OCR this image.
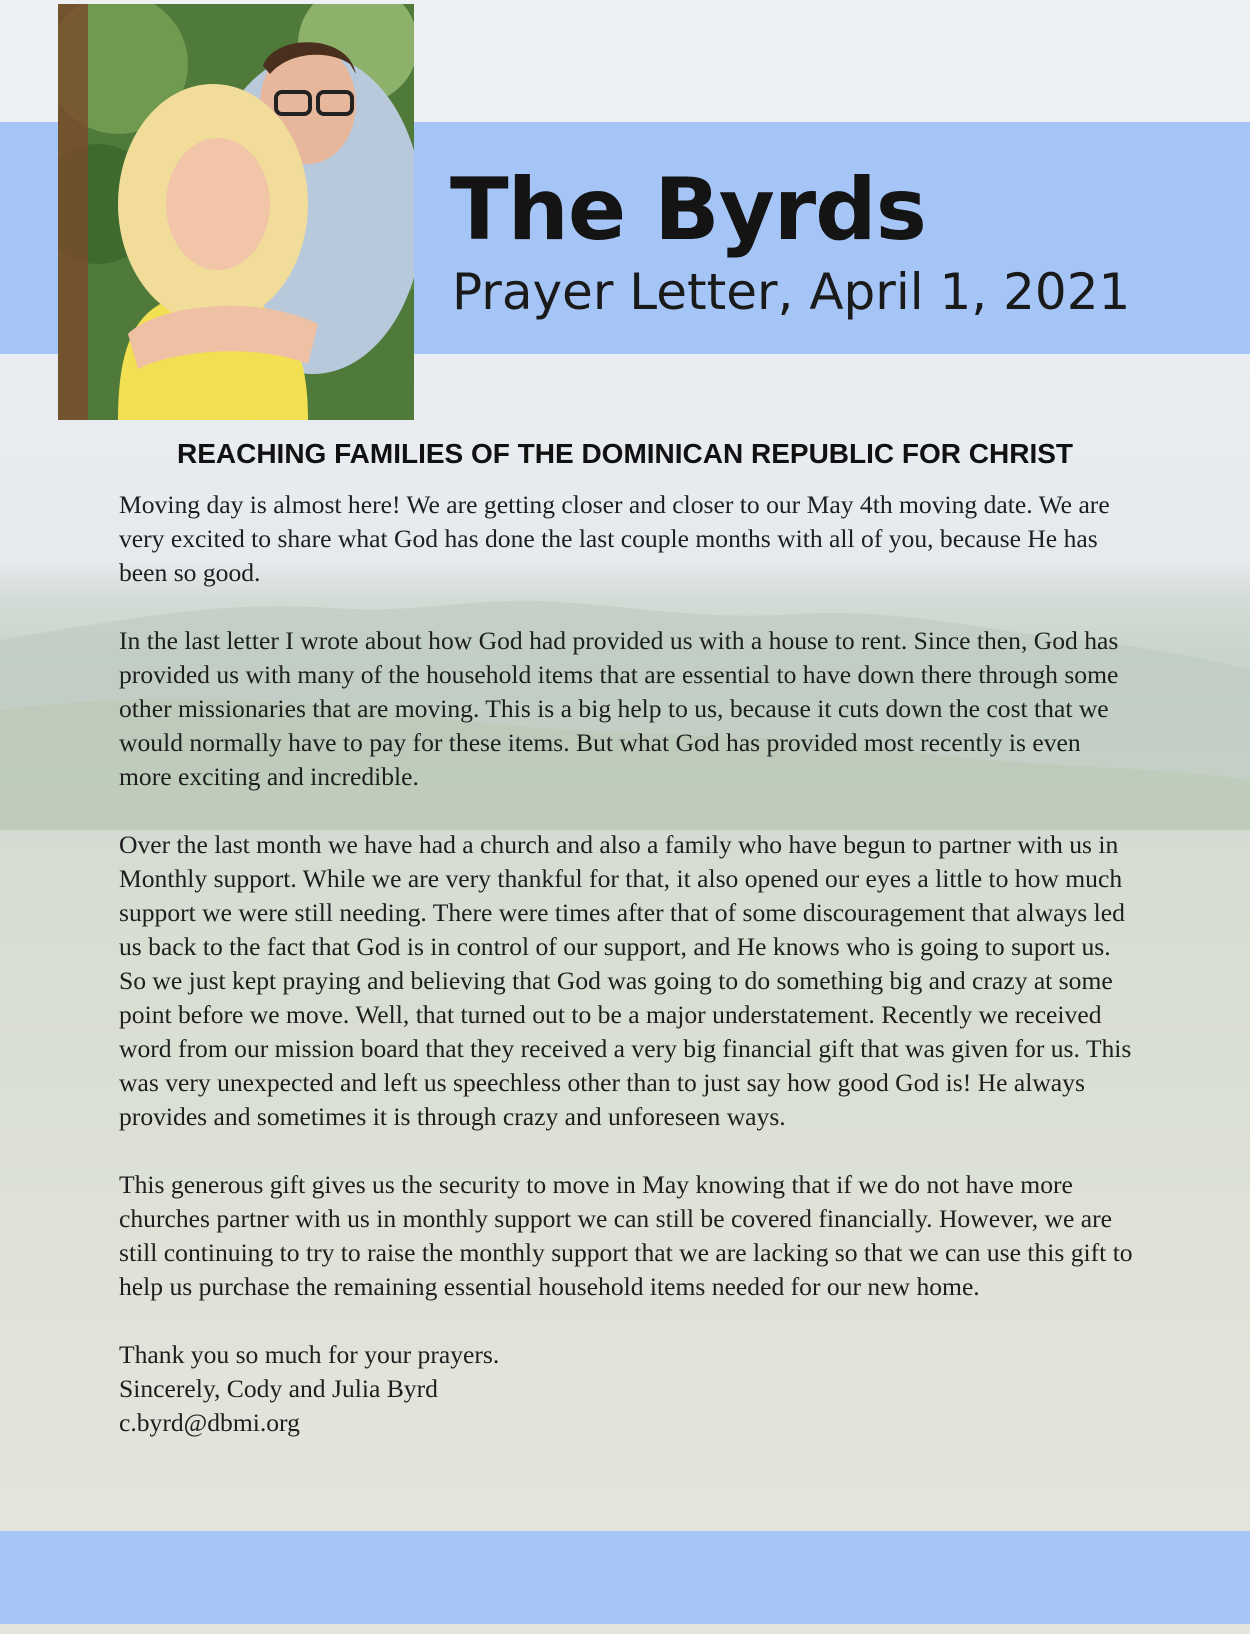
The Byrds
Prayer Letter, April 1, 2021
REACHING FAMILIES OF THE DOMINICAN REPUBLIC FOR CHRIST

Moving day is almost here! We are getting closer and closer to our May 4th moving date. We are very excited to share what God has done the last couple months with all of you, because He has been so good.

In the last letter I wrote about how God had provided us with a house to rent. Since then, God has provided us with many of the household items that are essential to have down there through some other missionaries that are moving. This is a big help to us, because it cuts down the cost that we would normally have to pay for these items. But what God has provided most recently is even more exciting and incredible.

Over the last month we have had a church and also a family who have begun to partner with us in Monthly support. While we are very thankful for that, it also opened our eyes a little to how much support we were still needing. There were times after that of some discouragement that always led us back to the fact that God is in control of our support, and He knows who is going to suport us. So we just kept praying and believing that God was going to do something big and crazy at some point before we move. Well, that turned out to be a major understatement. Recently we received word from our mission board that they received a very big financial gift that was given for us. This was very unexpected and left us speechless other than to just say how good God is! He always provides and sometimes it is through crazy and unforeseen ways.

This generous gift gives us the security to move in May knowing that if we do not have more churches partner with us in monthly support we can still be covered financially. However, we are still continuing to try to raise the monthly support that we are lacking so that we can use this gift to help us purchase the remaining essential household items needed for our new home.

Thank you so much for your prayers.
Sincerely, Cody and Julia Byrd
c.byrd@dbmi.org
